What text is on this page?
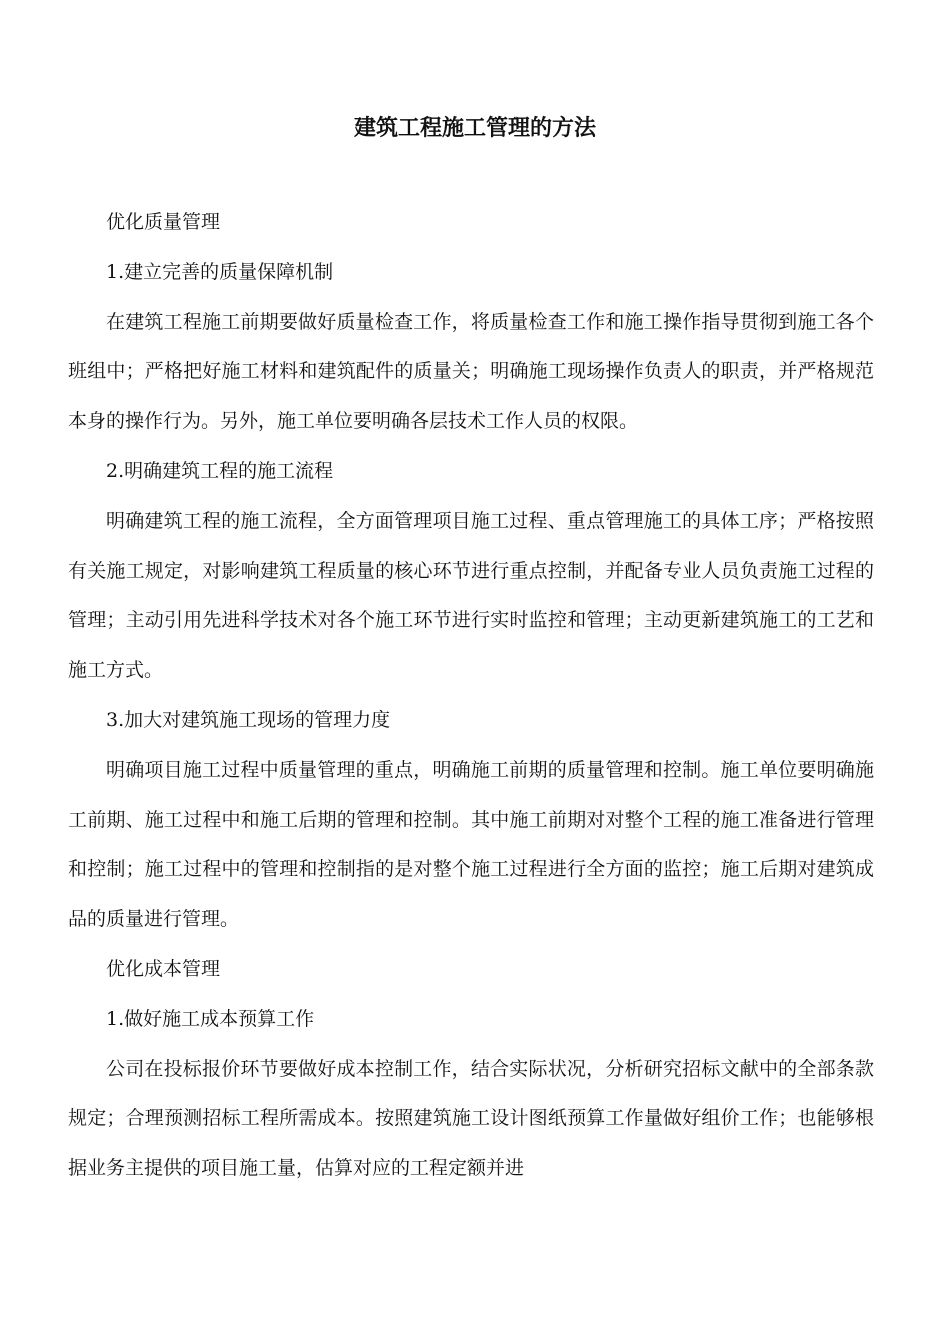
建筑工程施工管理的方法

优化质量管理

1.建立完善的质量保障机制

在建筑工程施工前期要做好质量检查工作，将质量检查工作和施工操作指导贯彻到施工各个班组中；严格把好施工材料和建筑配件的质量关；明确施工现场操作负责人的职责，并严格规范本身的操作行为。另外，施工单位要明确各层技术工作人员的权限。

2.明确建筑工程的施工流程

明确建筑工程的施工流程，全方面管理项目施工过程、重点管理施工的具体工序；严格按照有关施工规定，对影响建筑工程质量的核心环节进行重点控制，并配备专业人员负责施工过程的管理；主动引用先进科学技术对各个施工环节进行实时监控和管理；主动更新建筑施工的工艺和施工方式。

3.加大对建筑施工现场的管理力度

明确项目施工过程中质量管理的重点，明确施工前期的质量管理和控制。施工单位要明确施工前期、施工过程中和施工后期的管理和控制。其中施工前期对对整个工程的施工准备进行管理和控制；施工过程中的管理和控制指的是对整个施工过程进行全方面的监控；施工后期对建筑成品的质量进行管理。

优化成本管理

1.做好施工成本预算工作

公司在投标报价环节要做好成本控制工作，结合实际状况，分析研究招标文献中的全部条款规定；合理预测招标工程所需成本。按照建筑施工设计图纸预算工作量做好组价工作；也能够根据业务主提供的项目施工量，估算对应的工程定额并进
